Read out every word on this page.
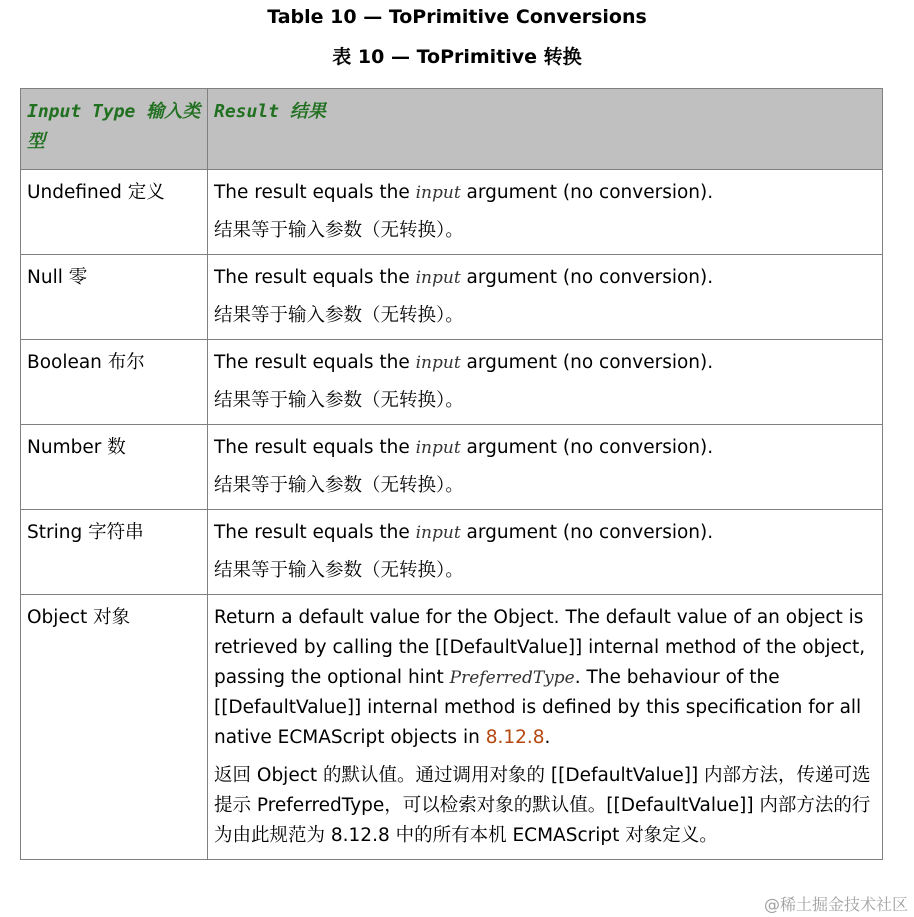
Table 10 — ToPrimitive Conversions
表 10 — ToPrimitive 转换
Input Type 输入类型	Result 结果
Undefined 定义	The result equals the input argument (no conversion).

结果等于输入参数（无转换）。

Null 零	The result equals the input argument (no conversion).

结果等于输入参数（无转换）。

Boolean 布尔	The result equals the input argument (no conversion).

结果等于输入参数（无转换）。

Number 数	The result equals the input argument (no conversion).

结果等于输入参数（无转换）。

String 字符串	The result equals the input argument (no conversion).

结果等于输入参数（无转换）。

Object 对象	Return a default value for the Object. The default value of an object is retrieved by calling the [[DefaultValue]] internal method of the object, passing the optional hint PreferredType. The behaviour of the [[DefaultValue]] internal method is defined by this specification for all native ECMAScript objects in 8.12.8.

返回 Object 的默认值。通过调用对象的 [[DefaultValue]] 内部方法，传递可选提示 PreferredType，可以检索对象的默认值。[[DefaultValue]] 内部方法的行为由此规范为 8.12.8 中的所有本机 ECMAScript 对象定义。

@稀土掘金技术社区
